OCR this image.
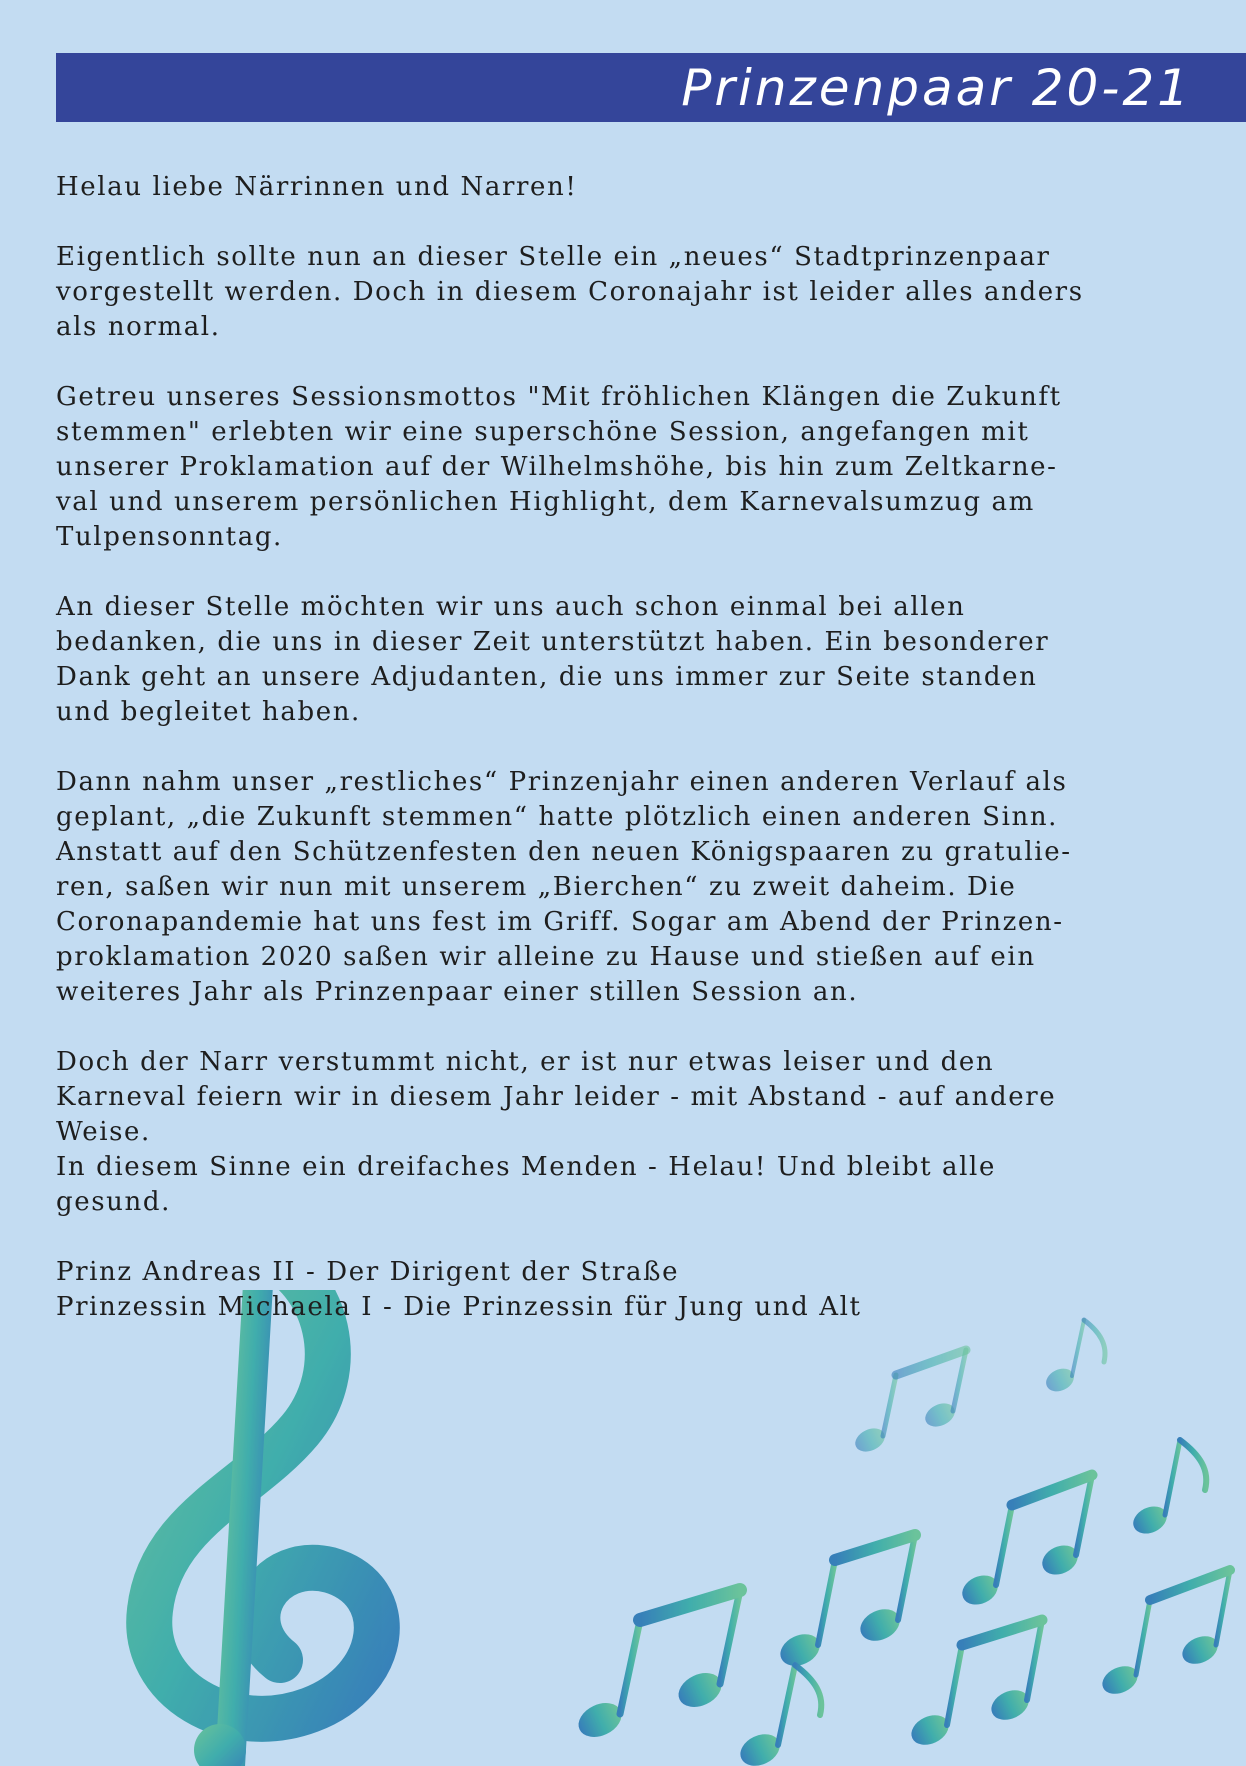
Prinzenpaar 20-21

Helau liebe Närrinnen und Narren!

Eigentlich sollte nun an dieser Stelle ein „neues“ Stadtprinzenpaar
vorgestellt werden. Doch in diesem Coronajahr ist leider alles anders
als normal.

Getreu unseres Sessionsmottos "Mit fröhlichen Klängen die Zukunft
stemmen" erlebten wir eine superschöne Session, angefangen mit
unserer Proklamation auf der Wilhelmshöhe, bis hin zum Zeltkarne-
val und unserem persönlichen Highlight, dem Karnevalsumzug am
Tulpensonntag.

An dieser Stelle möchten wir uns auch schon einmal bei allen
bedanken, die uns in dieser Zeit unterstützt haben. Ein besonderer
Dank geht an unsere Adjudanten, die uns immer zur Seite standen
und begleitet haben.

Dann nahm unser „restliches“ Prinzenjahr einen anderen Verlauf als
geplant, „die Zukunft stemmen“ hatte plötzlich einen anderen Sinn.
Anstatt auf den Schützenfesten den neuen Königspaaren zu gratulie-
ren, saßen wir nun mit unserem „Bierchen“ zu zweit daheim. Die
Coronapandemie hat uns fest im Griff. Sogar am Abend der Prinzen-
proklamation 2020 saßen wir alleine zu Hause und stießen auf ein
weiteres Jahr als Prinzenpaar einer stillen Session an.

Doch der Narr verstummt nicht, er ist nur etwas leiser und den
Karneval feiern wir in diesem Jahr leider - mit Abstand - auf andere
Weise.

In diesem Sinne ein dreifaches Menden - Helau! Und bleibt alle
gesund.

Prinz Andreas II - Der Dirigent der Straße
Prinzessin Michaela I - Die Prinzessin für Jung und Alt
